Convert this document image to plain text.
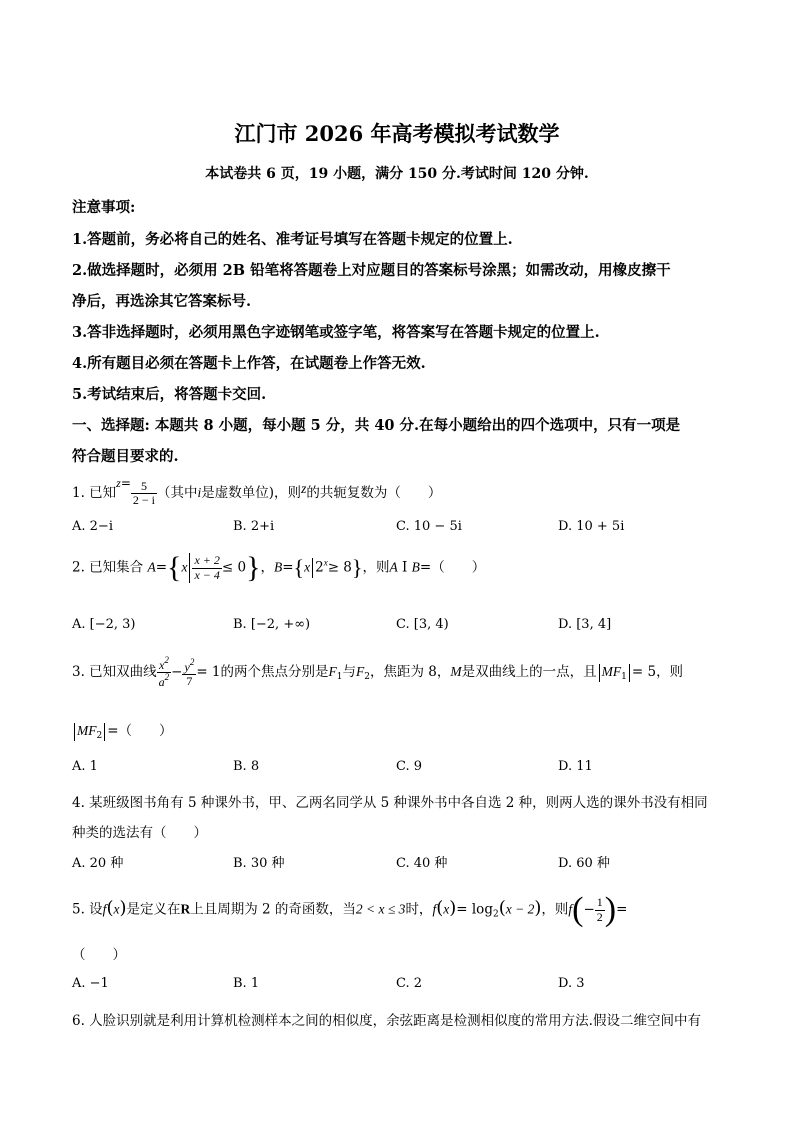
江门市 2026 年高考模拟考试数学
本试卷共 6 页，19 小题，满分 150 分.考试时间 120 分钟.
注意事项:
1.答题前，务必将自己的姓名、准考证号填写在答题卡规定的位置上.
2.做选择题时，必须用 2B 铅笔将答题卷上对应题目的答案标号涂黑；如需改动，用橡皮擦干
净后，再选涂其它答案标号.
3.答非选择题时，必须用黑色字迹钢笔或签字笔，将答案写在答题卡规定的位置上.
4.所有题目必须在答题卡上作答，在试题卷上作答无效.
5.考试结束后，将答题卡交回.
一、选择题: 本题共 8 小题，每小题 5 分，共 40 分.在每小题给出的四个选项中，只有一项是
符合题目要求的.
1. 已知$z= \frac{5}{2 - i}$ （其中i是虚数单位)，则z的共轭复数为（　　）
A. 2−i	B. 2+i	C. 10 − 5i	D. 10 + 5i
2. 已知集合 $A=\{x \frac{x + 2}{x - 4} \le 0\}$，B={x $2^x\ge 8$}，则A I B=（　　）
A. [−2, 3)	B. [−2, +∞)	C. [3, 4)	D. [3, 4]
3. 已知双曲线 $\frac{x^2}{a^2} - \frac{y^2}{7} = 1$的两个焦点分别是$F_1$与$F_2$，焦距为 8，M是双曲线上的一点，且 $MF_1 = 5$，则
$MF_2$ =（　　）
A. 1	B. 8	C. 9	D. 11
4. 某班级图书角有 5 种课外书，甲、乙两名同学从 5 种课外书中各自选 2 种，则两人选的课外书没有相同
种类的选法有（　　）
A. 20 种	B. 30 种	C. 40 种	D. 60 种
5. 设f(x)是定义在R上且周期为 2 的奇函数，当2 < x ≤ 3时，$f(x)= \log_2(x - 2)$，则$f(- \frac{1}{2}$ )=
（　　）
A. −1	B. 1	C. 2	D. 3
6. 人脸识别就是利用计算机检测样本之间的相似度，余弦距离是检测相似度的常用方法.假设二维空间中有
